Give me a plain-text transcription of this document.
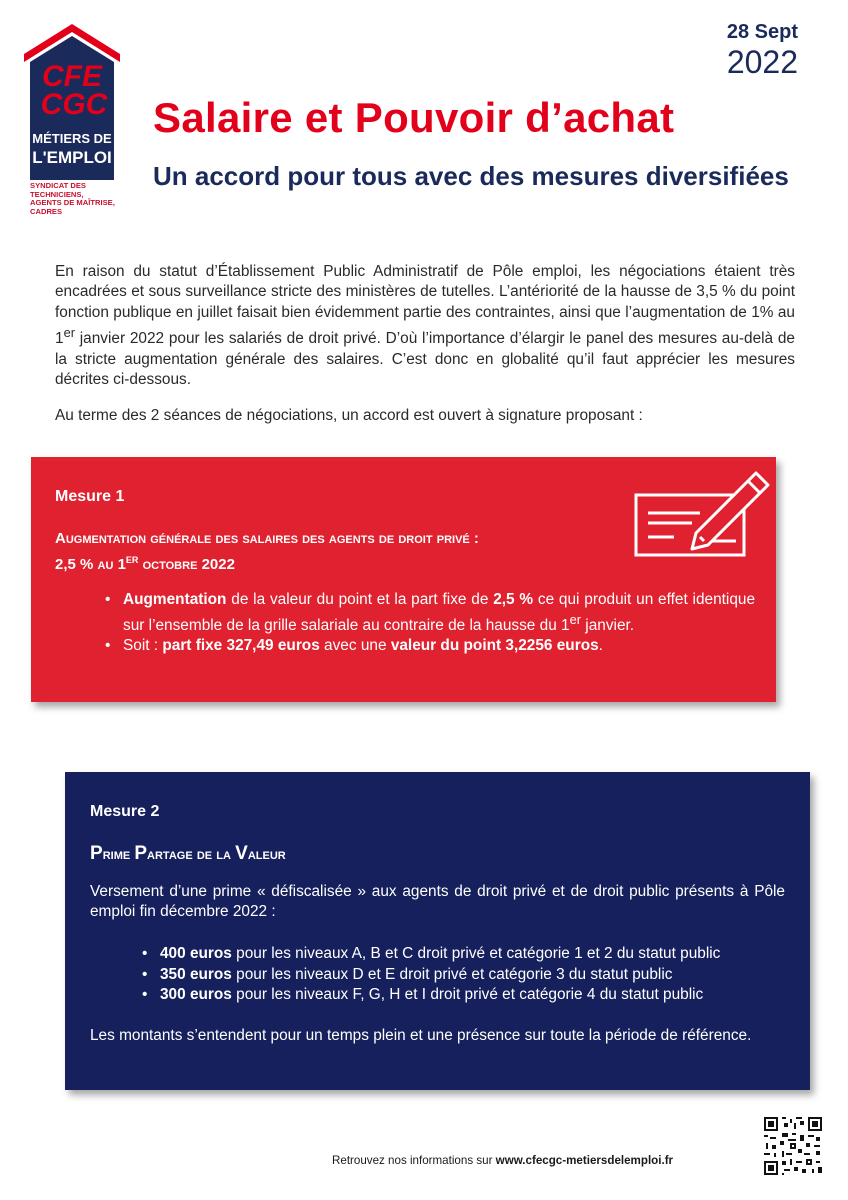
CFE
CGC
MÉTIERS DE
L'EMPLOI
SYNDICAT DES
TECHNICIENS,
AGENTS DE MAÎTRISE,
CADRES
28 Sept
2022
Salaire et Pouvoir d’achat
Un accord pour tous avec des mesures diversifiées

En raison du statut d’Établissement Public Administratif de Pôle emploi, les négociations étaient très encadrées et sous surveillance stricte des ministères de tutelles. L’antériorité de la hausse de 3,5 % du point fonction publique en juillet faisait bien évidemment partie des contraintes, ainsi que l’augmentation de 1% au 1er janvier 2022 pour les salariés de droit privé. D’où l’importance d’élargir le panel des mesures au-delà de la stricte augmentation générale des salaires. C’est donc en globalité qu’il faut apprécier les mesures décrites ci-dessous.

Au terme des 2 séances de négociations, un accord est ouvert à signature proposant :

Mesure 1
Augmentation générale des salaires des agents de droit privé :
2,5 % au 1er octobre 2022
• Augmentation de la valeur du point et la part fixe de 2,5 % ce qui produit un effet identique sur l’ensemble de la grille salariale au contraire de la hausse du 1er janvier.
• Soit : part fixe 327,49 euros avec une valeur du point 3,2256 euros.
Mesure 2
Prime Partage de la Valeur

Versement d’une prime « défiscalisée » aux agents de droit privé et de droit public présents à Pôle emploi fin décembre 2022 :

• 400 euros pour les niveaux A, B et C droit privé et catégorie 1 et 2 du statut public
• 350 euros pour les niveaux D et E droit privé et catégorie 3 du statut public
• 300 euros pour les niveaux F, G, H et I droit privé et catégorie 4 du statut public

Les montants s’entendent pour un temps plein et une présence sur toute la période de référence.

Retrouvez nos informations sur www.cfecgc-metiersdelemploi.fr
